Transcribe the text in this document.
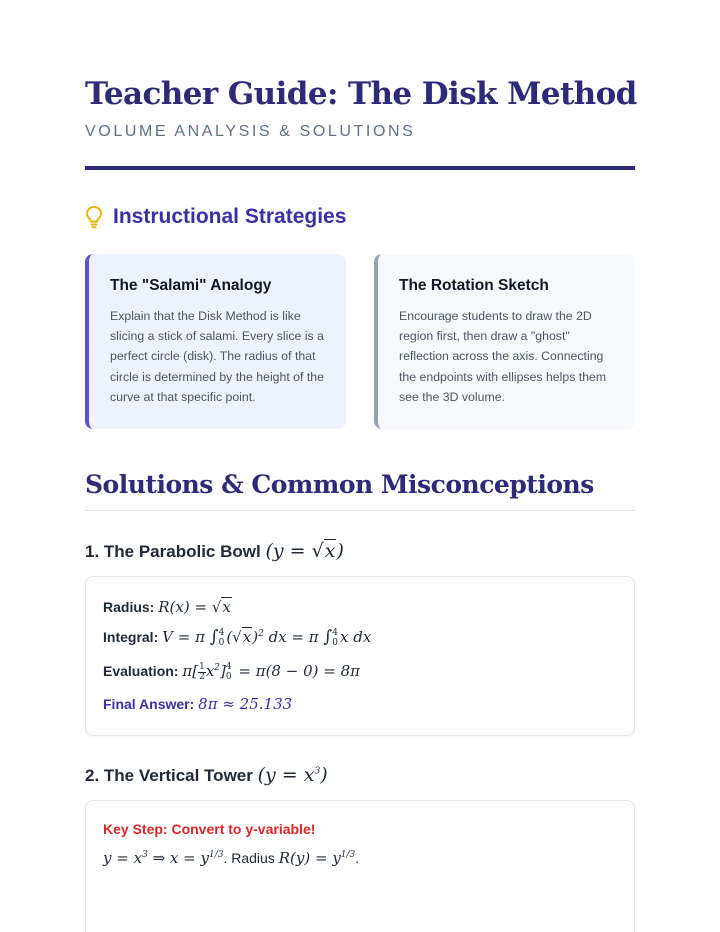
Teacher Guide: The Disk Method
VOLUME ANALYSIS & SOLUTIONS
Instructional Strategies
The "Salami" Analogy

Explain that the Disk Method is like slicing a stick of salami. Every slice is a perfect circle (disk). The radius of that circle is determined by the height of the curve at that specific point.

The Rotation Sketch

Encourage students to draw the 2D region first, then draw a "ghost" reflection across the axis. Connecting the endpoints with ellipses helps them see the 3D volume.

Solutions & Common Misconceptions
1. The Parabolic Bowl (y = √x)
Radius: R(x) = √x
Integral: V = π ∫ 4
0 $(√x)^2$ dx = π ∫ 4
0 x dx
Evaluation: $\pi[ \frac{1}{2} x^2]$ 4
0 = π(8 − 0) = 8π
Final Answer: 8π ≈ 25.133
2. The Vertical Tower $(y = x^3)$
Key Step: Convert to y-variable!
$y = x^3$ ⇒ $x = y^{1/3}$. Radius $R(y) = y^{1/3}$.
